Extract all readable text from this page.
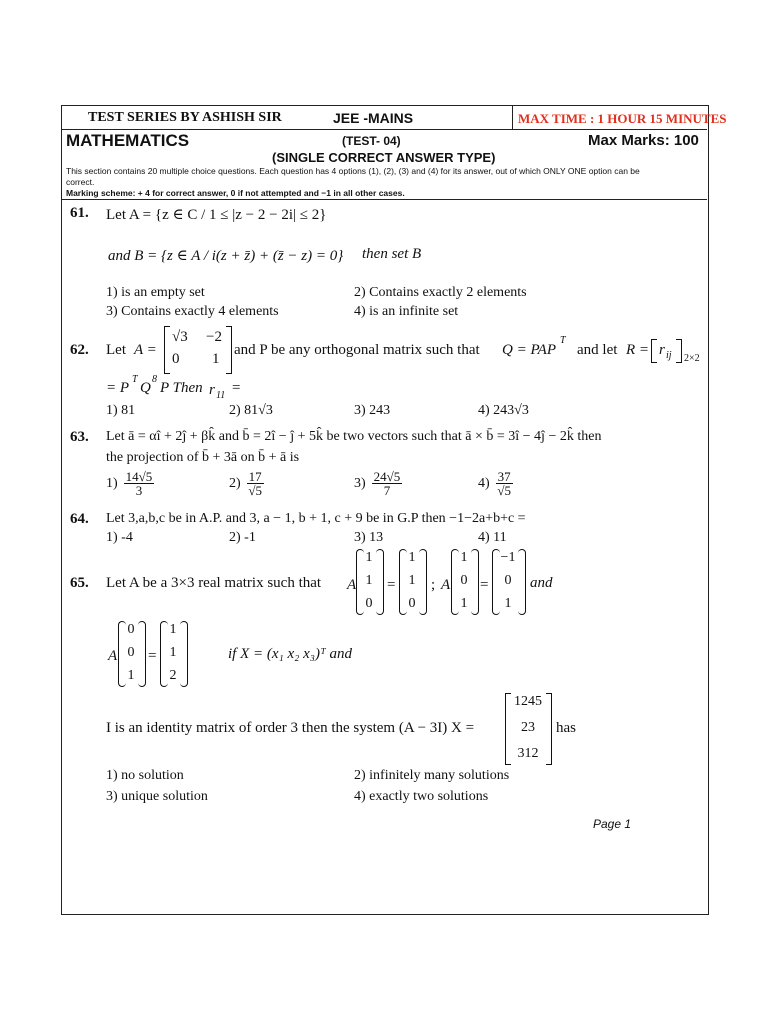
TEST SERIES BY ASHISH SIR	JEE -MAINS	MAX TIME : 1 HOUR 15 MINUTES
MATHEMATICS	(TEST- 04)	Max Marks: 100
(SINGLE CORRECT ANSWER TYPE)
This section contains 20 multiple choice questions. Each question has 4 options (1), (2), (3) and (4) for its answer, out of which ONLY ONE option can be
correct.
Marking scheme: + 4 for correct answer, 0 if not attempted and −1 in all other cases.
61. Let A = {z ∈ C / 1 ≤ |z − 2 − 2i| ≤ 2}
and B = {z ∈ A / i(z + z̄) + (z̄ − z) = 0} then set B
1) is an empty set	2) Contains exactly 2 elements
3) Contains exactly 4 elements	4) is an infinite set
62. Let A =
√3 −2
0 1
and P be any orthogonal matrix such that Q = PAP
T
and let R = r ij 2×2
= P
T
Q
8
P Then r 11 =
1) 81	2) 81√3	3) 243	4) 243√3
63. Let ā = αî + 2ĵ + βk̂ and b̄ = 2î − ĵ + 5k̂ be two vectors such that ā × b̄ = 3î − 4ĵ − 2k̂ then
the projection of b̄ + 3ā on b̄ + ā is
$1) \frac{14√5}{3}$	$2) \frac{17}{√5}$	$3) \frac{24√5}{7}$	$4) \frac{37}{√5}$
64. Let 3,a,b,c be in A.P. and 3, a − 1, b + 1, c + 9 be in G.P then −1−2a+b+c =
1) -4	2) -1	3) 13	4) 11
65. Let A be a 3×3 real matrix such that A
1
1
0
=
1
1
0
; A
1
0
1
=
−1
0
1
and
A
0
0
1
=
1
1
2
if X = (x₁ x₂ x₃)ᵀ and
I is an identity matrix of order 3 then the system (A − 3I) X =
1245
23
312
has
1) no solution	2) infinitely many solutions
3) unique solution	4) exactly two solutions
Page 1
